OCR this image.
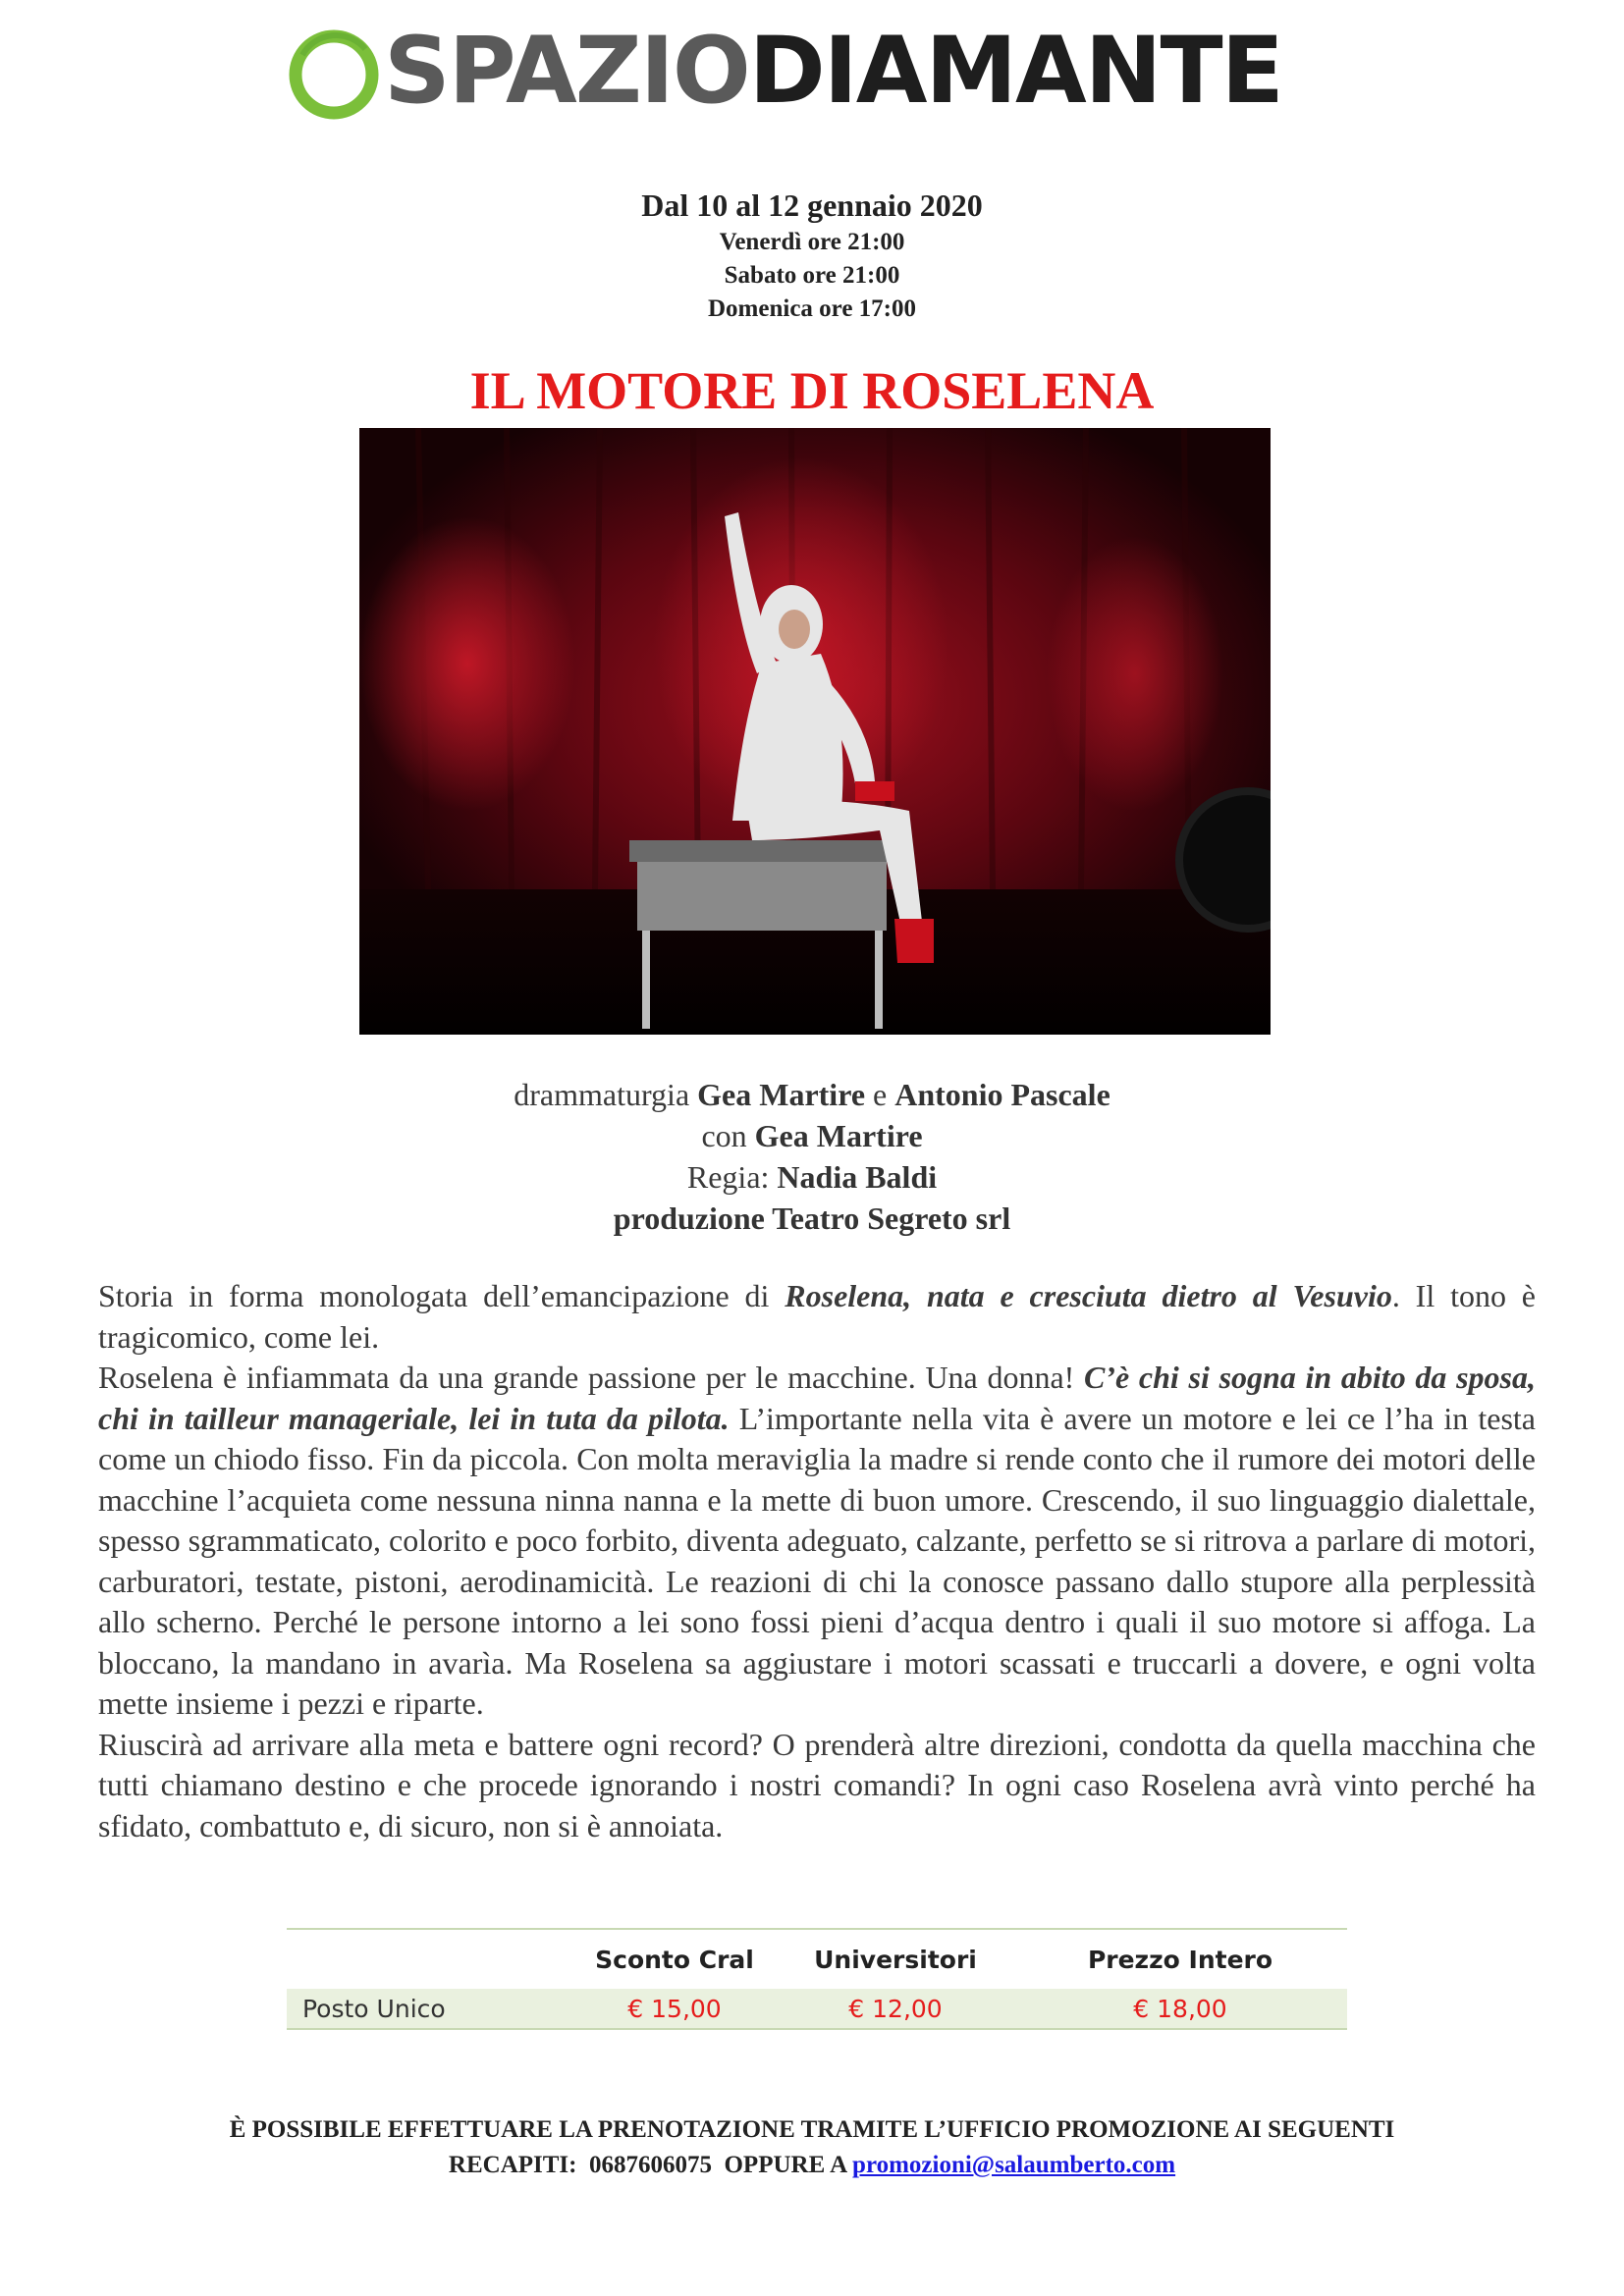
SPAZIODIAMANTE
Dal 10 al 12 gennaio 2020
Venerdì ore 21:00
Sabato ore 21:00
Domenica ore 17:00
IL MOTORE DI ROSELENA
drammaturgia Gea Martire e Antonio Pascale
con Gea Martire
Regia: Nadia Baldi
produzione Teatro Segreto srl

Storia in forma monologata dell’emancipazione di Roselena, nata e cresciuta dietro al Vesuvio. Il tono è tragicomico, come lei.

Roselena è infiammata da una grande passione per le macchine. Una donna! C’è chi si sogna in abito da sposa, chi in tailleur manageriale, lei in tuta da pilota. L’importante nella vita è avere un motore e lei ce l’ha in testa come un chiodo fisso. Fin da piccola. Con molta meraviglia la madre si rende conto che il rumore dei motori delle macchine l’acquieta come nessuna ninna nanna e la mette di buon umore. Crescendo, il suo linguaggio dialettale, spesso sgrammaticato, colorito e poco forbito, diventa adeguato, calzante, perfetto se si ritrova a parlare di motori, carburatori, testate, pistoni, aerodinamicità. Le reazioni di chi la conosce passano dallo stupore alla perplessità allo scherno. Perché le persone intorno a lei sono fossi pieni d’acqua dentro i quali il suo motore si affoga. La bloccano, la mandano in avarìa. Ma Roselena sa aggiustare i motori scassati e truccarli a dovere, e ogni volta mette insieme i pezzi e riparte.

Riuscirà ad arrivare alla meta e battere ogni record? O prenderà altre direzioni, condotta da quella macchina che tutti chiamano destino e che procede ignorando i nostri comandi? In ogni caso Roselena avrà vinto perché ha sfidato, combattuto e, di sicuro, non si è annoiata.

	Sconto Cral	Universitori	Prezzo Intero
Posto Unico	€ 15,00	€ 12,00	€ 18,00
È POSSIBILE EFFETTUARE LA PRENOTAZIONE TRAMITE L’UFFICIO PROMOZIONE AI SEGUENTI
RECAPITI:  0687606075  OPPURE A promozioni@salaumberto.com
